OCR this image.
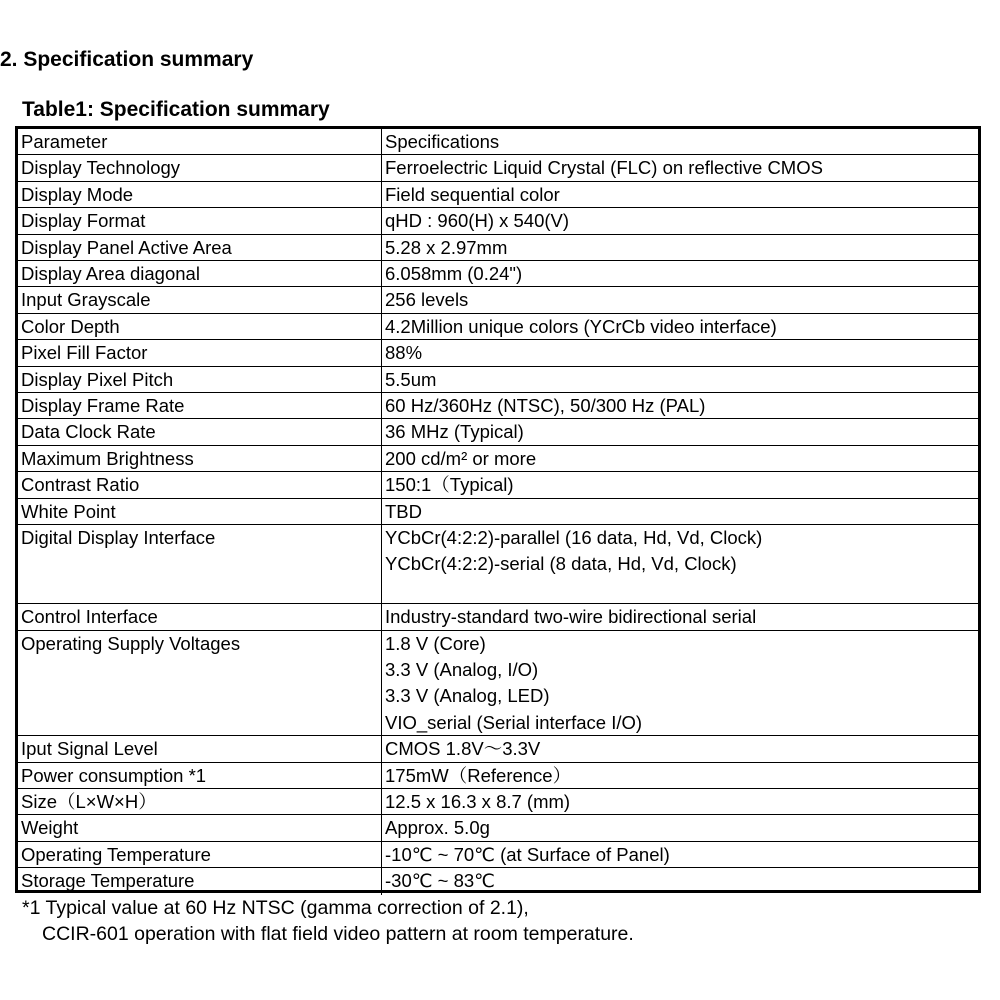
2. Specification summary
Table1: Specification summary
Parameter	Specifications
Display Technology	Ferroelectric Liquid Crystal (FLC) on reflective CMOS
Display Mode	Field sequential color
Display Format	qHD : 960(H) x 540(V)
Display Panel Active Area	5.28 x 2.97mm
Display Area diagonal	6.058mm (0.24")
Input Grayscale	256 levels
Color Depth	4.2Million unique colors (YCrCb video interface)
Pixel Fill Factor	88%
Display Pixel Pitch	5.5um
Display Frame Rate	60 Hz/360Hz (NTSC), 50/300 Hz (PAL)
Data Clock Rate	36 MHz (Typical)
Maximum Brightness	200 cd/m² or more
Contrast Ratio	150:1（Typical)
White Point	TBD
Digital Display Interface	YCbCr(4:2:2)-parallel (16 data, Hd, Vd, Clock)
YCbCr(4:2:2)-serial (8 data, Hd, Vd, Clock)
Control Interface	Industry-standard two-wire bidirectional serial
Operating Supply Voltages	1.8 V (Core)
3.3 V (Analog, I/O)
3.3 V (Analog, LED)
VIO_serial (Serial interface I/O)
Iput Signal Level	CMOS 1.8V～3.3V
Power consumption *1	175mW（Reference）
Size（L×W×H）	12.5 x 16.3 x 8.7 (mm)
Weight	Approx. 5.0g
Operating Temperature	-10℃ ~ 70℃ (at Surface of Panel)
Storage Temperature	-30℃ ~ 83℃
*1 Typical value at 60 Hz NTSC (gamma correction of 2.1),
CCIR-601 operation with flat field video pattern at room temperature.
